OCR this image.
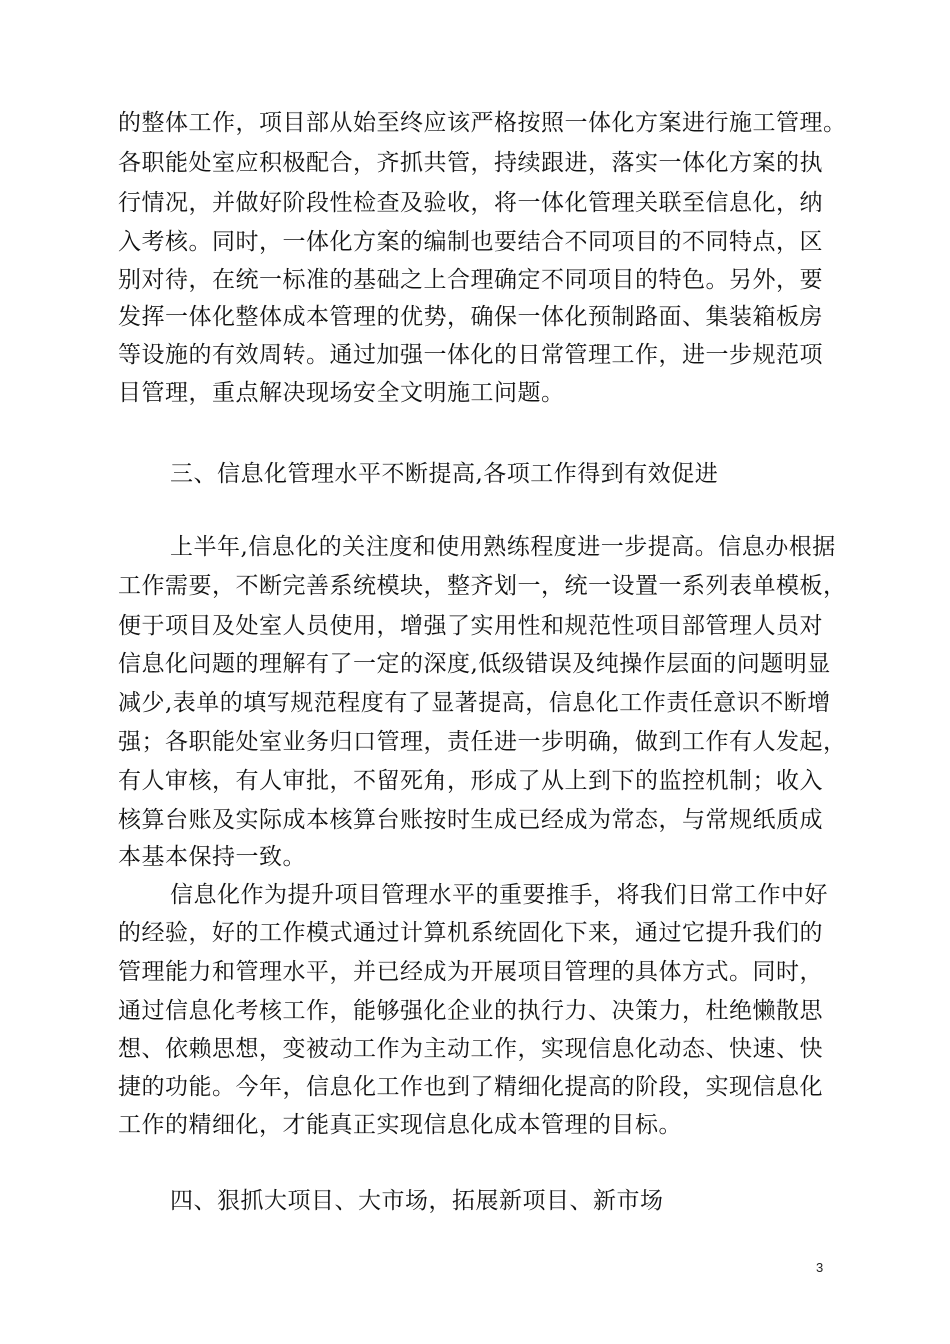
的整体工作，项目部从始至终应该严格按照一体化方案进行施工管理。
各职能处室应积极配合，齐抓共管，持续跟进，落实一体化方案的执
行情况，并做好阶段性检查及验收，将一体化管理关联至信息化，纳
入考核。同时，一体化方案的编制也要结合不同项目的不同特点，区
别对待，在统一标准的基础之上合理确定不同项目的特色。另外，要
发挥一体化整体成本管理的优势，确保一体化预制路面、集装箱板房
等设施的有效周转。通过加强一体化的日常管理工作，进一步规范项
目管理，重点解决现场安全文明施工问题。
三、信息化管理水平不断提高,各项工作得到有效促进
上半年,信息化的关注度和使用熟练程度进一步提高。信息办根据
工作需要，不断完善系统模块，整齐划一，统一设置一系列表单模板，
便于项目及处室人员使用，增强了实用性和规范性项目部管理人员对
信息化问题的理解有了一定的深度,低级错误及纯操作层面的问题明显
减少,表单的填写规范程度有了显著提高，信息化工作责任意识不断增
强；各职能处室业务归口管理，责任进一步明确，做到工作有人发起，
有人审核，有人审批，不留死角，形成了从上到下的监控机制；收入
核算台账及实际成本核算台账按时生成已经成为常态，与常规纸质成
本基本保持一致。
信息化作为提升项目管理水平的重要推手，将我们日常工作中好
的经验，好的工作模式通过计算机系统固化下来，通过它提升我们的
管理能力和管理水平，并已经成为开展项目管理的具体方式。同时，
通过信息化考核工作，能够强化企业的执行力、决策力，杜绝懒散思
想、依赖思想，变被动工作为主动工作，实现信息化动态、快速、快
捷的功能。今年，信息化工作也到了精细化提高的阶段，实现信息化
工作的精细化，才能真正实现信息化成本管理的目标。
四、狠抓大项目、大市场，拓展新项目、新市场
3
